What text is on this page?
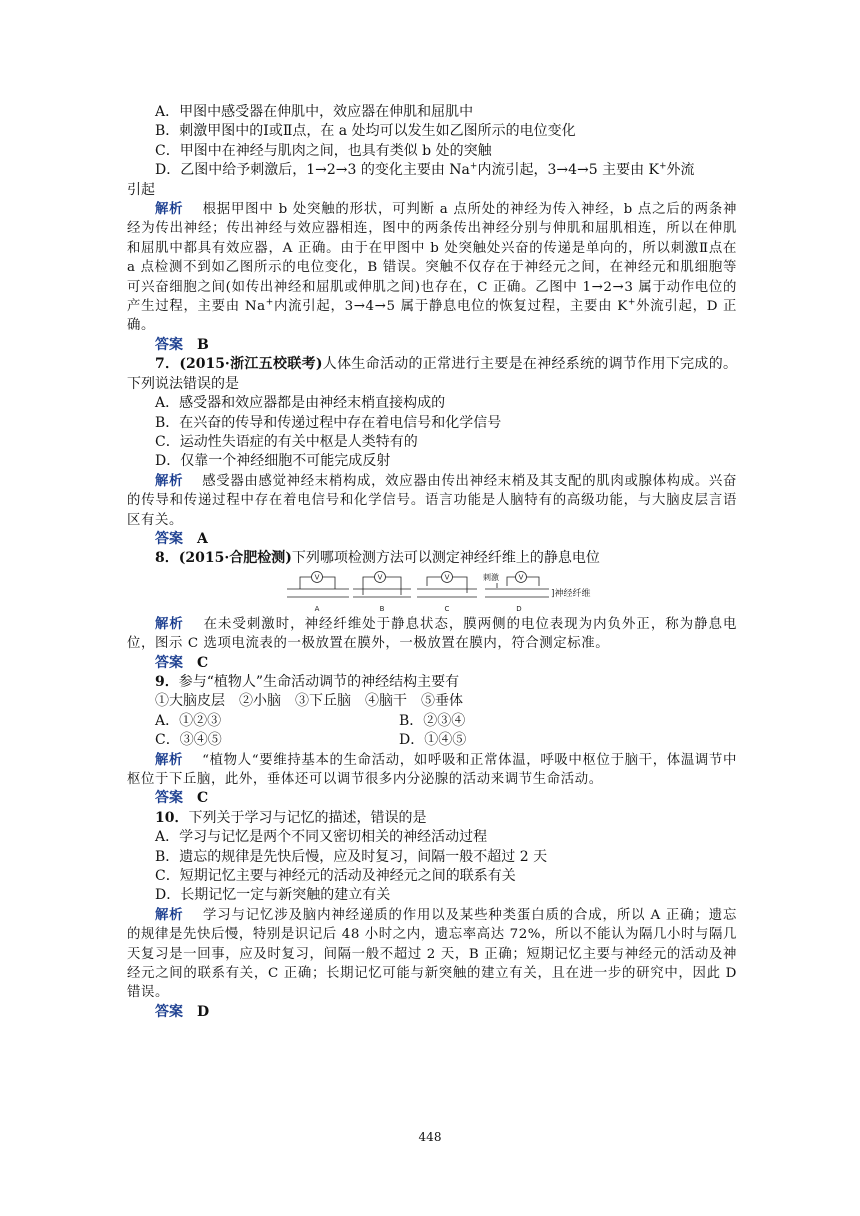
A．甲图中感受器在伸肌中，效应器在伸肌和屈肌中
B．刺激甲图中的Ⅰ或Ⅱ点，在 a 处均可以发生如乙图所示的电位变化
C．甲图中在神经与肌肉之间，也具有类似 b 处的突触
D．乙图中给予刺激后，1→2→3 的变化主要由 Na+内流引起，3→4→5 主要由 K+外流
引起
解析　 根据甲图中 b 处突触的形状，可判断 a 点所处的神经为传入神经，b 点之后的两条神经为传出神经；传出神经与效应器相连，图中的两条传出神经分别与伸肌和屈肌相连，所以在伸肌和屈肌中都具有效应器，A 正确。由于在甲图中 b 处突触处兴奋的传递是单向的，所以刺激Ⅱ点在 a 点检测不到如乙图所示的电位变化，B 错误。突触不仅存在于神经元之间，在神经元和肌细胞等可兴奋细胞之间(如传出神经和屈肌或伸肌之间)也存在，C 正确。乙图中 1→2→3 属于动作电位的产生过程，主要由 Na+内流引起，3→4→5 属于静息电位的恢复过程，主要由 K+外流引起，D 正确。
答案　 B
7．(2015·浙江五校联考)人体生命活动的正常进行主要是在神经系统的调节作用下完成的。下列说法错误的是
A．感受器和效应器都是由神经末梢直接构成的
B．在兴奋的传导和传递过程中存在着电信号和化学信号
C．运动性失语症的有关中枢是人类特有的
D．仅靠一个神经细胞不可能完成反射
解析　 感受器由感觉神经末梢构成，效应器由传出神经末梢及其支配的肌肉或腺体构成。兴奋的传导和传递过程中存在着电信号和化学信号。语言功能是人脑特有的高级功能，与大脑皮层言语区有关。
答案　 A
8．(2015·合肥检测)下列哪项检测方法可以测定神经纤维上的静息电位
V	V	V	V
A	B	C	D
刺激
]神经纤维
解析　 在未受刺激时，神经纤维处于静息状态，膜两侧的电位表现为内负外正，称为静息电位，图示 C 选项电流表的一极放置在膜外，一极放置在膜内，符合测定标准。
答案　 C
9．参与“植物人”生命活动调节的神经结构主要有
①大脑皮层　②小脑　③下丘脑　④脑干　⑤垂体
A．①②③	B．②③④
C．③④⑤	D．①④⑤
解析　 “植物人“要维持基本的生命活动，如呼吸和正常体温，呼吸中枢位于脑干，体温调节中枢位于下丘脑，此外，垂体还可以调节很多内分泌腺的活动来调节生命活动。
答案　 C
10．下列关于学习与记忆的描述，错误的是
A．学习与记忆是两个不同又密切相关的神经活动过程
B．遗忘的规律是先快后慢，应及时复习，间隔一般不超过 2 天
C．短期记忆主要与神经元的活动及神经元之间的联系有关
D．长期记忆一定与新突触的建立有关
解析　 学习与记忆涉及脑内神经递质的作用以及某些种类蛋白质的合成，所以 A 正确；遗忘的规律是先快后慢，特别是识记后 48 小时之内，遗忘率高达 72%，所以不能认为隔几小时与隔几天复习是一回事，应及时复习，间隔一般不超过 2 天，B 正确；短期记忆主要与神经元的活动及神经元之间的联系有关，C 正确；长期记忆可能与新突触的建立有关，且在进一步的研究中，因此 D 错误。
答案　 D
448
